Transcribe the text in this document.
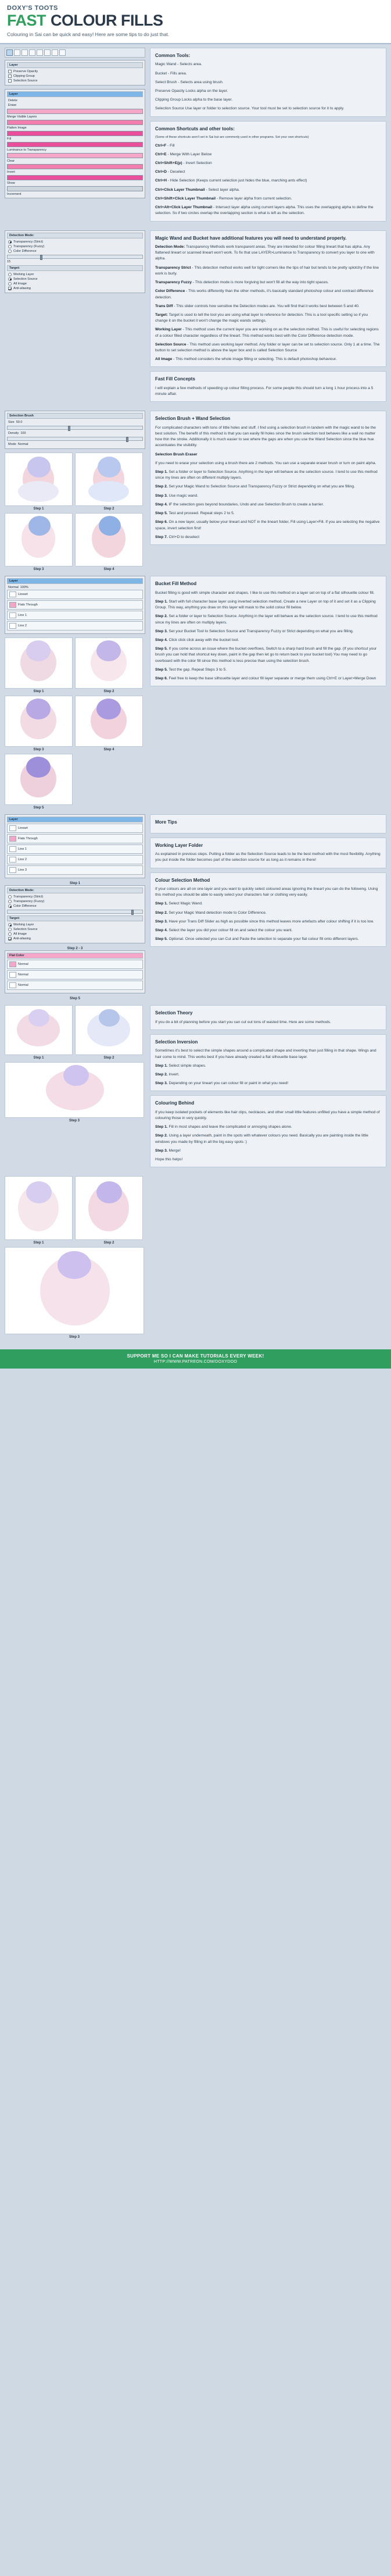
DOXY'S TOOTS
FAST COLOUR FILLS
Colouring in Sai can be quick and easy! Here are some tips to do just that.
Layer
Preserve Opacity
Clipping Group
Selection Source
Layer
Delete
Erase
Merge Visible Layers
Flatten Image
Fill
Luminance to Transparency
Clear
Invert
Show
Increment
Common Tools:

Magic Wand - Selects area.

Bucket - Fills area.

Select Brush - Selects area using brush.

Preserve Opacity Locks alpha on the layer.

Clipping Group Locks alpha to the base layer.

Selection Source Use layer or folder to selection source. Your tool must be set to selection source for it to apply.

Common Shortcuts and other tools:

(Some of these shortcuts aren't set in Sai but are commonly used in other programs. Set your own shortcuts)

Ctrl+F - Fill

Ctrl+E - Merge With Layer Below

Ctrl+Shift+E(p) - Invert Selection

Ctrl+D - Deselect

Ctrl+H - Hide Selection (Keeps current selection just hides the blue, marching ants effect)

Ctrl+Click Layer Thumbnail - Select layer alpha.

Ctrl+Shift+Click Layer Thumbnail - Remove layer alpha from current selection.

Ctrl+Alt+Click Layer Thumbnail - Intersect layer alpha using current layers alpha. This uses the overlapping alpha to define the selection. So if two circles overlap the overlapping section is what is left as the selection.

Detection Mode:
Transparency (Strict)
Transparency (Fuzzy)
Color Difference
15
Target:
Working Layer
Selection Source
All Image
Anti-aliasing
Magic Wand and Bucket have additional features you will need to understand properly.

Detection Mode: Transparency Methods work transparent areas. They are intended for colour filling lineart that has alpha. Any flattened lineart or scanned lineart won't work. To fix that use LAYER>Luminance to Transparency to convert you layer to one with alpha.

Transparency Strict - This detection method works well for tight corners like the tips of hair but tends to be pretty splotchy if the line work is burly.

Transparency Fuzzy - This detection mode is more forgiving but won't fill all the way into tight spaces.

Color Difference - This works differently than the other methods, it's basically standard photoshop colour and contrast difference detection.

Trans Diff - This slider controls how sensitive the Detection modes are. You will find that it works best between 5 and 40.

Target: Target is used to tell the tool you are using what layer to reference for detection. This is a tool specific setting so if you change it on the bucket it won't change the magic wands settings.

Working Layer - This method uses the current layer you are working on as the selection method. This is useful for selecting regions of a colour filled character regardless of the lineart. This method works best with the Color Difference detection mode.

Selection Source - This method uses working layer method. Any folder or layer can be set to selection source. Only 1 at a time. The button to set selection method is above the layer box and is called Selection Source

All Image - This method considers the whole image filling or selecting. This is default photoshop behaviour.

Fast Fill Concepts

I will explain a few methods of speeding up colour filling process. For some people this should turn a long 1 hour process into a 5 minute affair.

Selection Brush
Size 50.0
Density 100
Mode Normal
Step 1	Step 2
Step 3	Step 4
Selection Brush + Wand Selection

For complicated characters with tons of little holes and stuff. I find using a selection brush in tandem with the magic wand to be the best solution. The benefit of this method is that you can easily fill holes since the brush selection tool behaves like a wall no matter how thin the stroke. Additionally it is much easier to see where the gaps are when you use the Wand Selection since the blue hue accentuates the visibility.

Selection Brush Eraser

If you need to erase your selection using a brush there are 2 methods. You can use a separate eraser brush or turn on paint alpha.

Step 1. Set a folder or layer to Selection Source. Anything in the layer will behave as the selection source. I tend to use this method since my lines are often on different multiply layers.

Step 2. Set your Magic Wand to Selection Source and Transparency Fuzzy or Strict depending on what you are filling.

Step 3. Use magic wand.

Step 4. IF the selection goes beyond boundaries, Undo and use Selection Brush to create a barrier.

Step 5. Test and proceed. Repeat steps 2 to 5.

Step 6. On a new layer, usually below your lineart and NOT in the lineart folder, Fill using Layer>Fill. If you are selecting the negative space, invert selection first!

Step 7. Ctrl+D to deselect

Layer
Normal 100%
Lineart
Flats Through
Line 1
Line 2
Step 1	Step 2
Step 3	Step 4
Step 5
Bucket Fill Method

Bucket filling is good with simple character and shapes. I like to use this method on a layer set on top of a flat silhouette colour fill.

Step 1. Start with full character base layer using inverted selection method. Create a new Layer on top of it and set it as a Clipping Group. This way, anything you draw on this layer will mask to the solid colour fill below.

Step 2. Set a folder or layer to Selection Source. Anything in the layer will behave as the selection source. I tend to use this method since my lines are often on multiply layers.

Step 3. Set your Bucket Tool to Selection Source and Transparency Fuzzy or Strict depending on what you are filling.

Step 4. Click click click away with the bucket tool.

Step 5. If you come across an issue where the bucket overflows, Switch to a sharp hard brush and fill the gap. (If you shortcut your brush you can hold that shortcut key down, paint in the gap then let go to return back to your bucket tool) You may need to go overboard with the color fill since this method is less precise than using the selection brush.

Step 5. Test the gap. Repeat Steps 3 to 5.

Step 6. Feel free to keep the base silhouette layer and colour fill layer separate or merge them using Ctrl+E or Layer>Merge Down

Layer
Lineart
Flats Through
Line 1
Line 2
Line 3
Step 1
Detection Mode:
Transparency (Strict)
Transparency (Fuzzy)
Color Difference
Target:
Working Layer
Selection Source
All Image
Anti-aliasing
Step 2 - 3
Flat Color
Normal
Normal
Normal
Step 5
More Tips
Working Layer Folder

As explained in previous steps. Putting a folder as the Selection Source leads to be the best method with the most flexibility. Anything you put inside the folder becomes part of the selection source for as long as it remains in there!

Colour Selection Method

If your colours are all on one layer and you want to quickly select coloured areas ignoring the lineart you can do the following. Using this method you should be able to easily select your characters hair or clothing very easily.

Step 1. Select Magic Wand.

Step 2. Set your Magic Wand detection mode to Color Difference.

Step 3. Have your Trans Diff Slider as high as possible since this method leaves more artefacts after colour shifting if it is too low.

Step 4. Select the layer you did your colour fill on and select the colour you want.

Step 5. Optional. Once selected you can Cut and Paste the selection to separate your flat colour fill onto different layers.

Step 1	Step 2
Step 3
Selection Theory

If you do a bit of planning before you start you can cut out tons of wasted time. Here are some methods.

Selection Inversion

Sometimes it's best to select the simple shapes around a complicated shape and inverting than just filling in that shape. Wings and hair come to mind. This works best if you have already created a flat silhouette base layer.

Step 1. Select simple shapes.

Step 2. Invert.

Step 3. Depending on your lineart you can colour fill or paint in what you need!

Colouring Behind

If you keep isolated pockets of elements like hair clips, necklaces, and other small little features unfilled you have a simple method of colouring those in very quickly.

Step 1. Fill in most shapes and leave the complicated or annoying shapes alone.

Step 2. Using a layer underneath, paint in the spots with whatever colours you need. Basically you are painting inside the little windows you made by filling in all the big easy spots :)

Step 3. Merge!

Hope this helps!

Step 1	Step 2
Step 3
SUPPORT ME SO I CAN MAKE TUTORIALS EVERY WEEK!
HTTP://WWW.PATREON.COM/DOXYDOO
